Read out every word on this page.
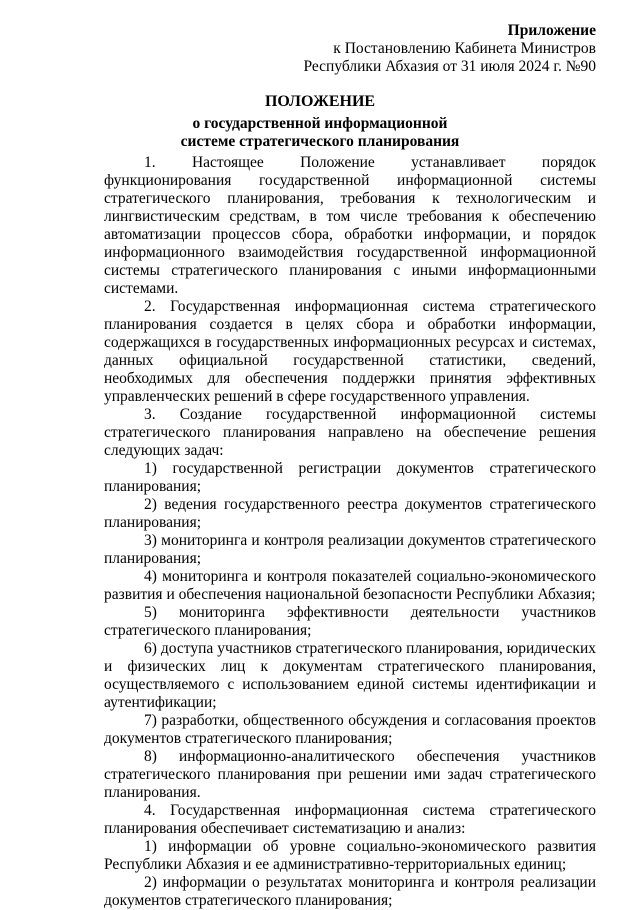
Приложение
к Постановлению Кабинета Министров
Республики Абхазия от 31 июля 2024 г. №90
ПОЛОЖЕНИЕ
о государственной информационной
системе стратегического планирования

1. Настоящее Положение устанавливает порядок функционирования государственной информационной системы стратегического планирования, требования к технологическим и лингвистическим средствам, в том числе требования к обеспечению автоматизации процессов сбора, обработки информации, и порядок информационного взаимодействия государственной информационной системы стратегического планирования с иными информационными системами.

2. Государственная информационная система стратегического планирования создается в целях сбора и обработки информации, содержащихся в государственных информационных ресурсах и системах, данных официальной государственной статистики, сведений, необходимых для обеспечения поддержки принятия эффективных управленческих решений в сфере государственного управления.

3. Создание государственной информационной системы стратегического планирования направлено на обеспечение решения следующих задач:

1) государственной регистрации документов стратегического планирования;

2) ведения государственного реестра документов стратегического планирования;

3) мониторинга и контроля реализации документов стратегического планирования;

4) мониторинга и контроля показателей социально-экономического развития и обеспечения национальной безопасности Республики Абхазия;

5) мониторинга эффективности деятельности участников стратегического планирования;

6) доступа участников стратегического планирования, юридических и физических лиц к документам стратегического планирования, осуществляемого с использованием единой системы идентификации и аутентификации;

7) разработки, общественного обсуждения и согласования проектов документов стратегического планирования;

8) информационно-аналитического обеспечения участников стратегического планирования при решении ими задач стратегического планирования.

4. Государственная информационная система стратегического планирования обеспечивает систематизацию и анализ:

1) информации об уровне социально-экономического развития Республики Абхазия и ее административно-территориальных единиц;

2) информации о результатах мониторинга и контроля реализации документов стратегического планирования;
